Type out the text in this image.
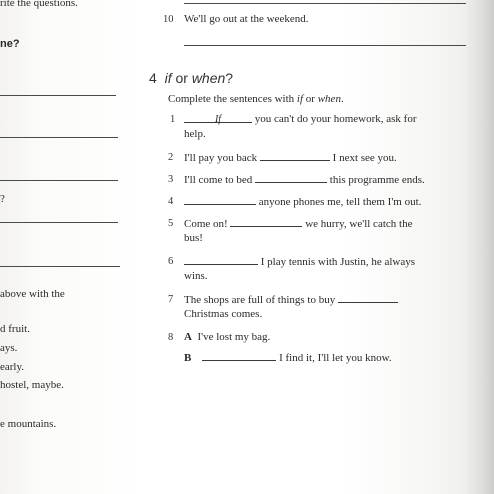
rite the questions.
ne?
?
above with the
d fruit.
ays.
early.
hostel, maybe.
e mountains.
10 We'll go out at the weekend.
4 if or when?
Complete the sentences with if or when.
1	If	you can't do your homework, ask for
help.
2 I'll pay you back	I next see you.
3 I'll come to bed	this programme ends.
4	anyone phones me, tell them I'm out.
5 Come on!	we hurry, we'll catch the
bus!
6	I play tennis with Justin, he always
wins.
7 The shops are full of things to buy
Christmas comes.
8 A I've lost my bag.
B	I find it, I'll let you know.
